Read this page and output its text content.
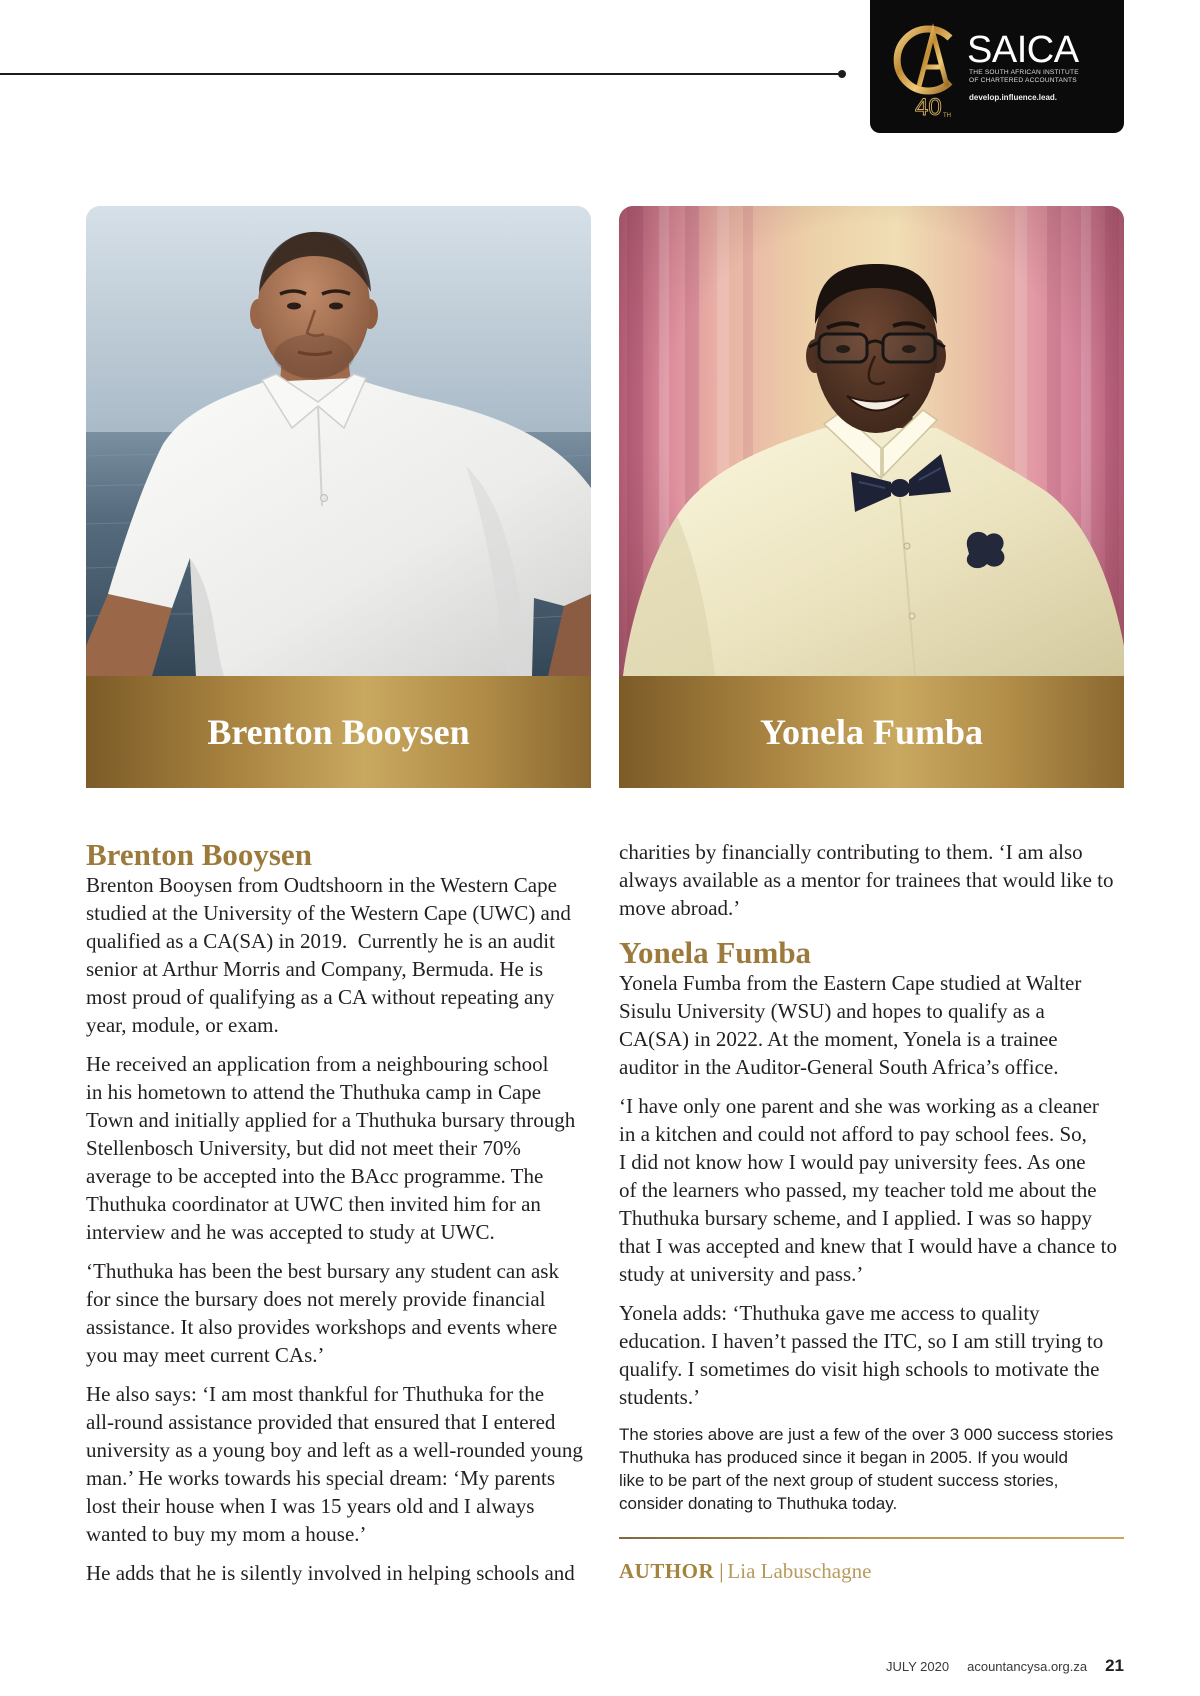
40 TH
SAICA
THE SOUTH AFRICAN INSTITUTE
OF CHARTERED ACCOUNTANTS
develop.influence.lead.
Brenton Booysen	Yonela Fumba
Brenton Booysen

Brenton Booysen from Oudtshoorn in the Western Cape
studied at the University of the Western Cape (UWC) and
qualified as a CA(SA) in 2019.  Currently he is an audit
senior at Arthur Morris and Company, Bermuda. He is
most proud of qualifying as a CA without repeating any
year, module, or exam.

He received an application from a neighbouring school
in his hometown to attend the Thuthuka camp in Cape
Town and initially applied for a Thuthuka bursary through
Stellenbosch University, but did not meet their 70%
average to be accepted into the BAcc programme. The
Thuthuka coordinator at UWC then invited him for an
interview and he was accepted to study at UWC.

‘Thuthuka has been the best bursary any student can ask
for since the bursary does not merely provide financial
assistance. It also provides workshops and events where
you may meet current CAs.’

He also says: ‘I am most thankful for Thuthuka for the
all-round assistance provided that ensured that I entered
university as a young boy and left as a well-rounded young
man.’ He works towards his special dream: ‘My parents
lost their house when I was 15 years old and I always
wanted to buy my mom a house.’

He adds that he is silently involved in helping schools and

charities by financially contributing to them. ‘I am also
always available as a mentor for trainees that would like to
move abroad.’

Yonela Fumba

Yonela Fumba from the Eastern Cape studied at Walter
Sisulu University (WSU) and hopes to qualify as a
CA(SA) in 2022. At the moment, Yonela is a trainee
auditor in the Auditor-General South Africa’s office.

‘I have only one parent and she was working as a cleaner
in a kitchen and could not afford to pay school fees. So,
I did not know how I would pay university fees. As one
of the learners who passed, my teacher told me about the
Thuthuka bursary scheme, and I applied. I was so happy
that I was accepted and knew that I would have a chance to
study at university and pass.’

Yonela adds: ‘Thuthuka gave me access to quality
education. I haven’t passed the ITC, so I am still trying to
qualify. I sometimes do visit high schools to motivate the
students.’

The stories above are just a few of the over 3 000 success stories
Thuthuka has produced since it began in 2005. If you would
like to be part of the next group of student success stories,
consider donating to Thuthuka today.

AUTHOR | Lia Labuschagne
JULY 2020 acountancysa.org.za 21
